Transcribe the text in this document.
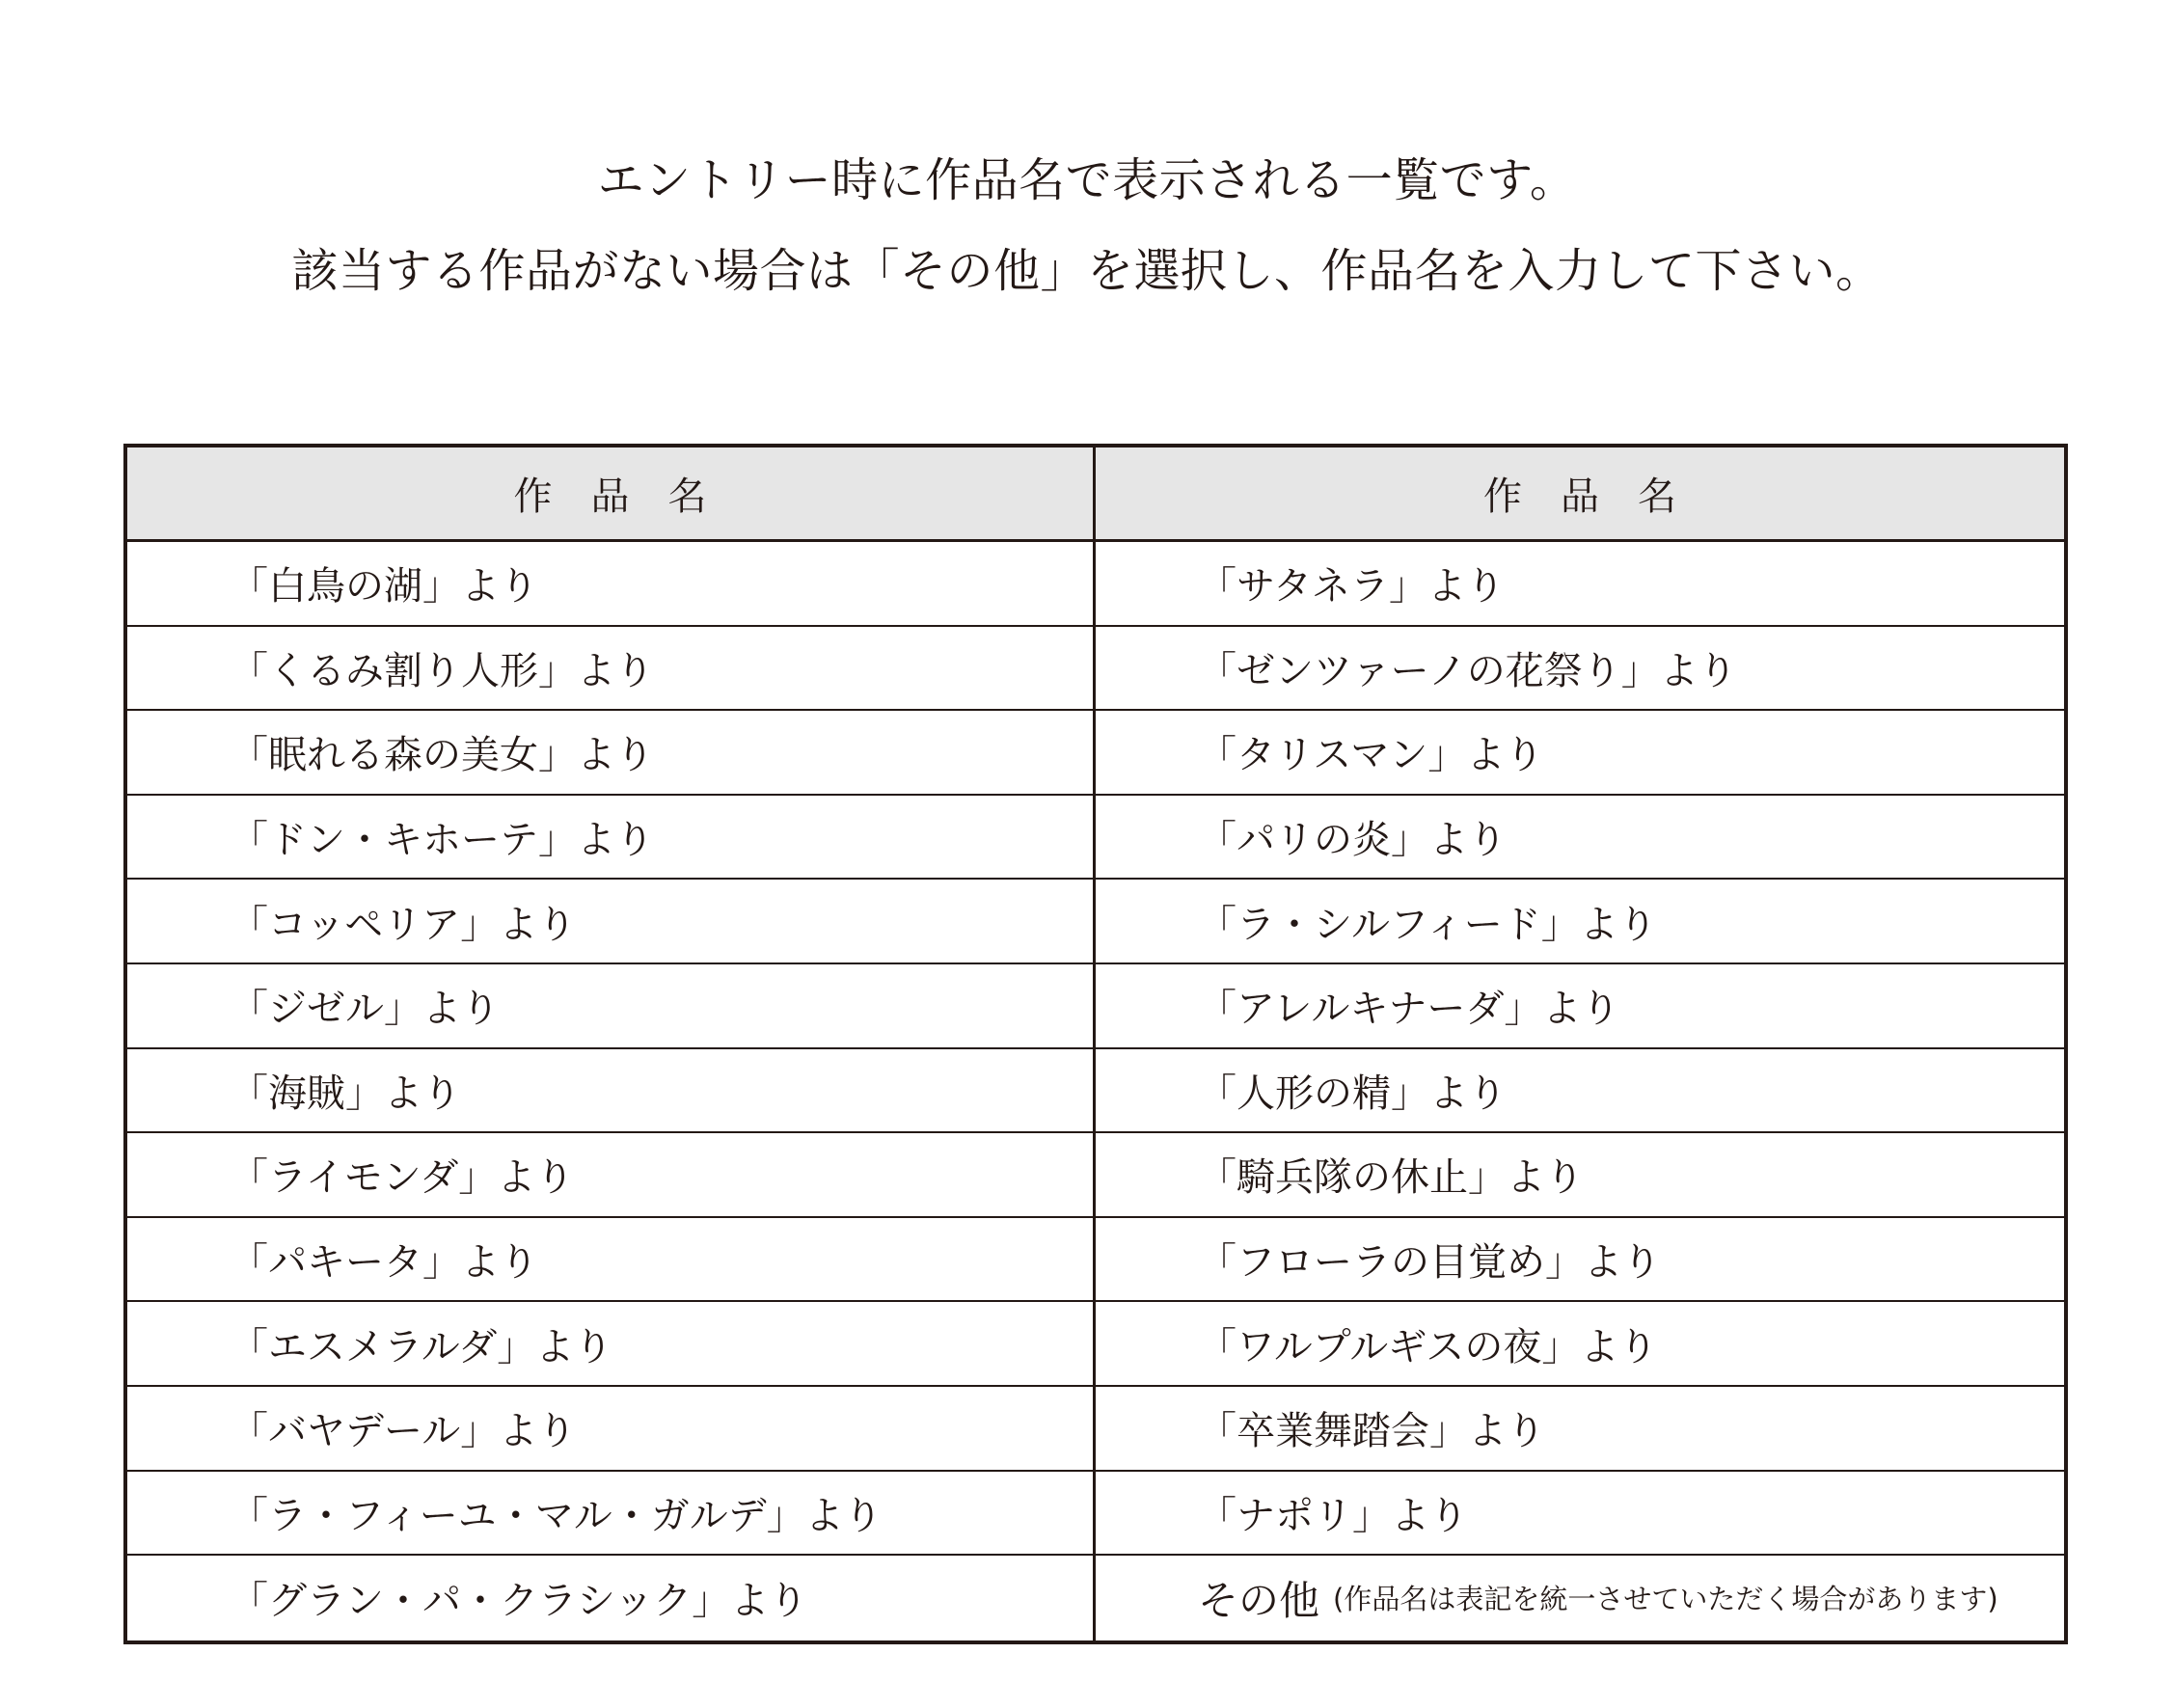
エントリー時に作品名で表示される一覧です。
該当する作品がない場合は「その他」を選択し、作品名を入力して下さい。
作品名	作品名
「白鳥の湖」より	「サタネラ」より
「くるみ割り人形」より	「ゼンツァーノの花祭り」より
「眠れる森の美女」より	「タリスマン」より
「ドン・キホーテ」より	「パリの炎」より
「コッペリア」より	「ラ・シルフィード」より
「ジゼル」より	「アレルキナーダ」より
「海賊」より	「人形の精」より
「ライモンダ」より	「騎兵隊の休止」より
「パキータ」より	「フローラの目覚め」より
「エスメラルダ」より	「ワルプルギスの夜」より
「バヤデール」より	「卒業舞踏会」より
「ラ・フィーユ・マル・ガルデ」より	「ナポリ」より
「グラン・パ・クラシック」より	その他 (作品名は表記を統一させていただく場合があります)
